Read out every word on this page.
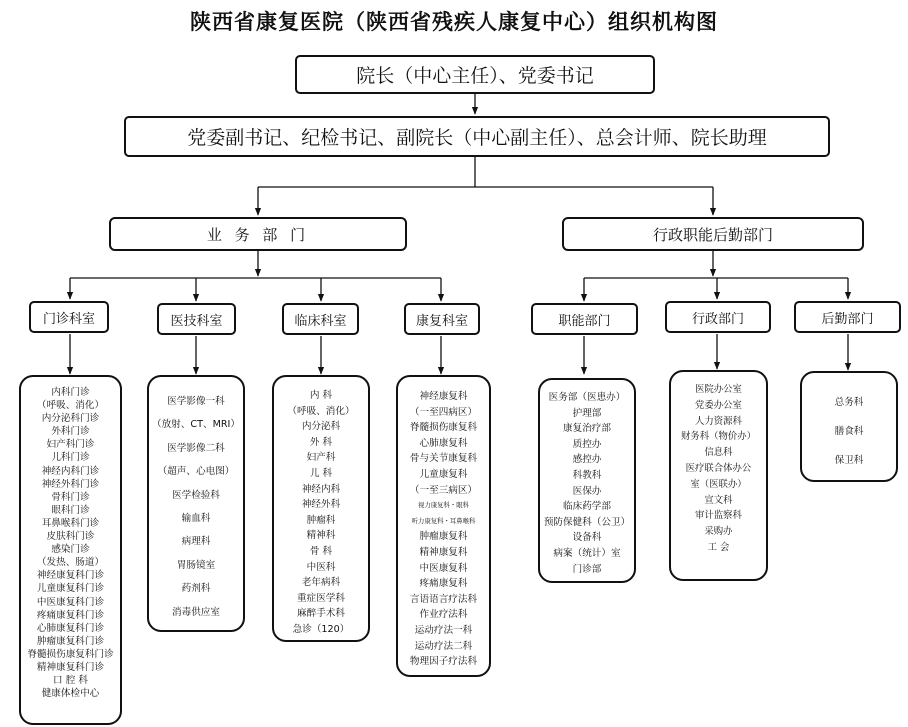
陕西省康复医院（陕西省残疾人康复中心）组织机构图
院长（中心主任）、党委书记
党委副书记、纪检书记、副院长（中心副主任）、总会计师、院长助理
业 务 部 门	行政职能后勤部门
门诊科室	医技科室	临床科室	康复科室	职能部门	行政部门	后勤部门
内科门诊
（呼吸、消化）
内分泌科门诊
外科门诊
妇产科门诊
儿科门诊
神经内科门诊
神经外科门诊
骨科门诊
眼科门诊
耳鼻喉科门诊
皮肤科门诊
感染门诊
（发热、肠道）
神经康复科门诊
儿童康复科门诊
中医康复科门诊
疼痛康复科门诊
心肺康复科门诊
肿瘤康复科门诊
脊髓损伤康复科门诊
精神康复科门诊
口 腔 科
健康体检中心
医学影像一科
（放射、CT、MRI）
医学影像二科
（超声、心电图）
医学检验科
输血科
病理科
胃肠镜室
药剂科
消毒供应室
内 科
（呼吸、消化）
内分泌科
外 科
妇产科
儿 科
神经内科
神经外科
肿瘤科
精神科
骨 科
中医科
老年病科
重症医学科
麻醉手术科
急诊（120）
神经康复科
（一至四病区）
脊髓损伤康复科
心肺康复科
骨与关节康复科
儿童康复科
（一至三病区）
视力康复科・眼科
听力康复科・耳鼻喉科
肿瘤康复科
精神康复科
中医康复科
疼痛康复科
言语语言疗法科
作业疗法科
运动疗法一科
运动疗法二科
物理因子疗法科
医务部（医患办）
护理部
康复治疗部
质控办
感控办
科教科
医保办
临床药学部
预防保健科（公卫）
设备科
病案（统计）室
门诊部
医院办公室
党委办公室
人力资源科
财务科（物价办）
信息科
医疗联合体办公
室（医联办）
宣文科
审计监察科
采购办
工 会
总务科
膳食科
保卫科
